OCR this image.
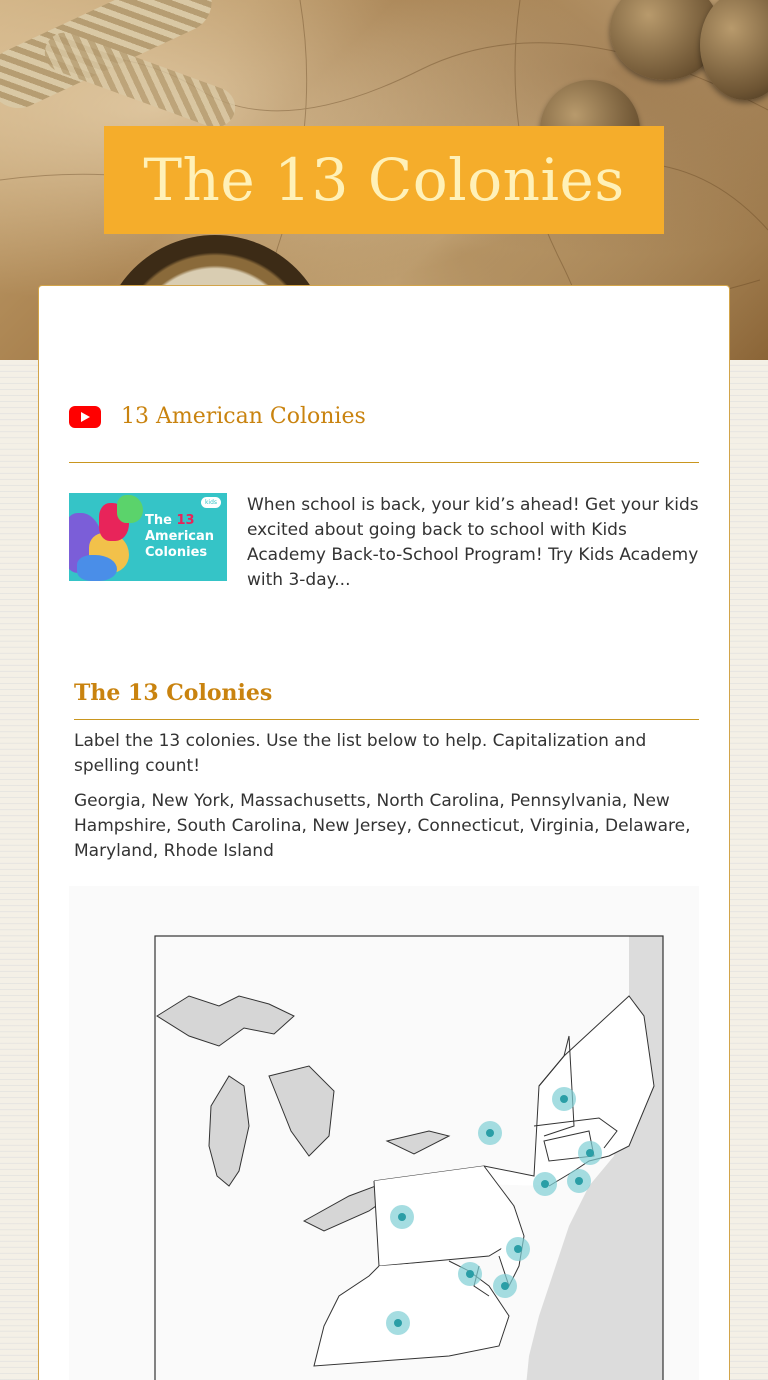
The 13 Colonies
13 American Colonies
The 13
American Colonies
kids When school is back, your kid’s ahead! Get your kids excited about going back to school with Kids Academy Back-to-School Program! Try Kids Academy with 3-day...

The 13 Colonies

Label the 13 colonies. Use the list below to help. Capitalization and spelling count!

Georgia, New York, Massachusetts, North Carolina, Pennsylvania, New Hampshire, South Carolina, New Jersey, Connecticut, Virginia, Delaware, Maryland, Rhode Island
